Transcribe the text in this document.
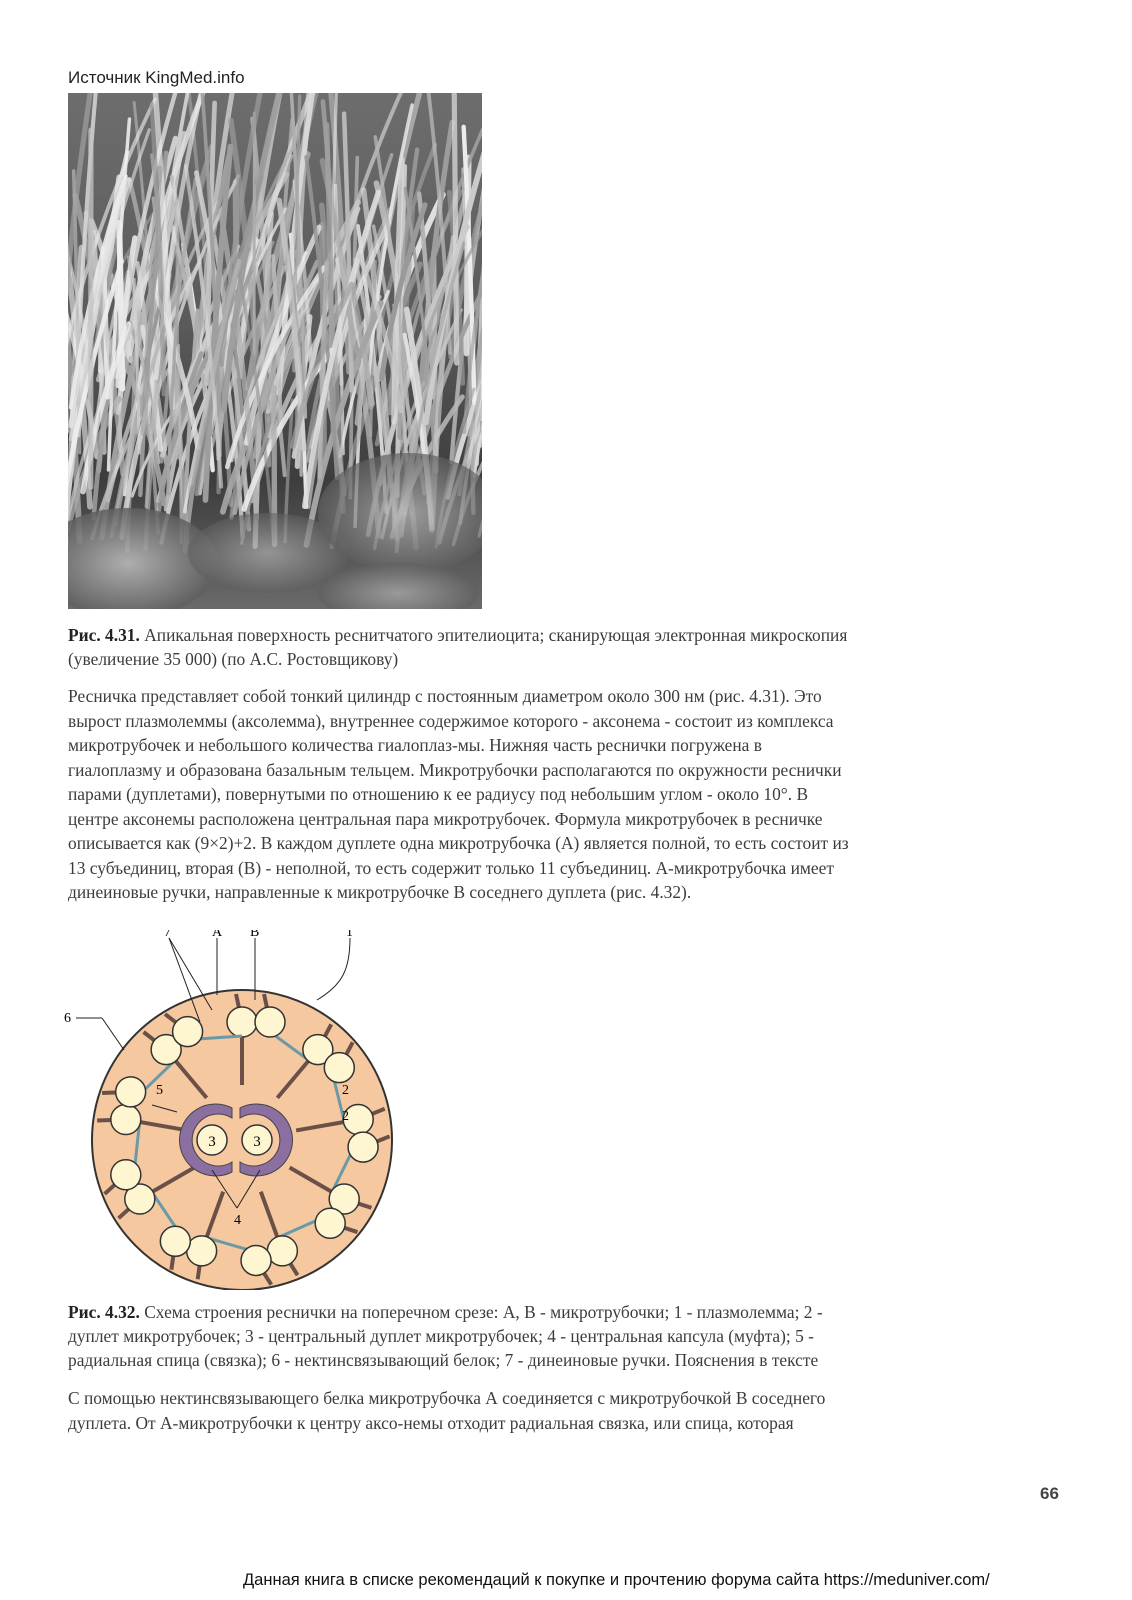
Источник KingMed.info
Рис. 4.31. Апикальная поверхность реснитчатого эпителиоцита; сканирующая электронная микроскопия
(увеличение 35 000) (по А.С. Ростовщикову)
Ресничка представляет собой тонкий цилиндр с постоянным диаметром около 300 нм (рис. 4.31). Это
вырост плазмолеммы (аксолемма), внутреннее содержимое которого - аксонема - состоит из комплекса
микротрубочек и небольшого количества гиалоплаз-мы. Нижняя часть реснички погружена в
гиалоплазму и образована базальным тельцем. Микротрубочки располагаются по окружности реснички
парами (дуплетами), повернутыми по отношению к ее радиусу под небольшим углом - около 10°. В
центре аксонемы расположена центральная пара микротрубочек. Формула микротрубочек в ресничке
описывается как (9×2)+2. В каждом дуплете одна микротрубочка (А) является полной, то есть состоит из
13 субъединиц, вторая (В) - неполной, то есть содержит только 11 субъединиц. А-микротрубочка имеет
динеиновые ручки, направленные к микротрубочке В соседнего дуплета (рис. 4.32).
3	3
7	A B	1
6
5
4
2
2
Рис. 4.32. Схема строения реснички на поперечном срезе: А, В - микротрубочки; 1 - плазмолемма; 2 -
дуплет микротрубочек; 3 - центральный дуплет микротрубочек; 4 - центральная капсула (муфта); 5 -
радиальная спица (связка); 6 - нектинсвязывающий белок; 7 - динеиновые ручки. Пояснения в тексте
С помощью нектинсвязывающего белка микротрубочка А соединяется с микротрубочкой В соседнего
дуплета. От А-микротрубочки к центру аксо-немы отходит радиальная связка, или спица, которая
66
Данная книга в списке рекомендаций к покупке и прочтению форума сайта https://meduniver.com/
